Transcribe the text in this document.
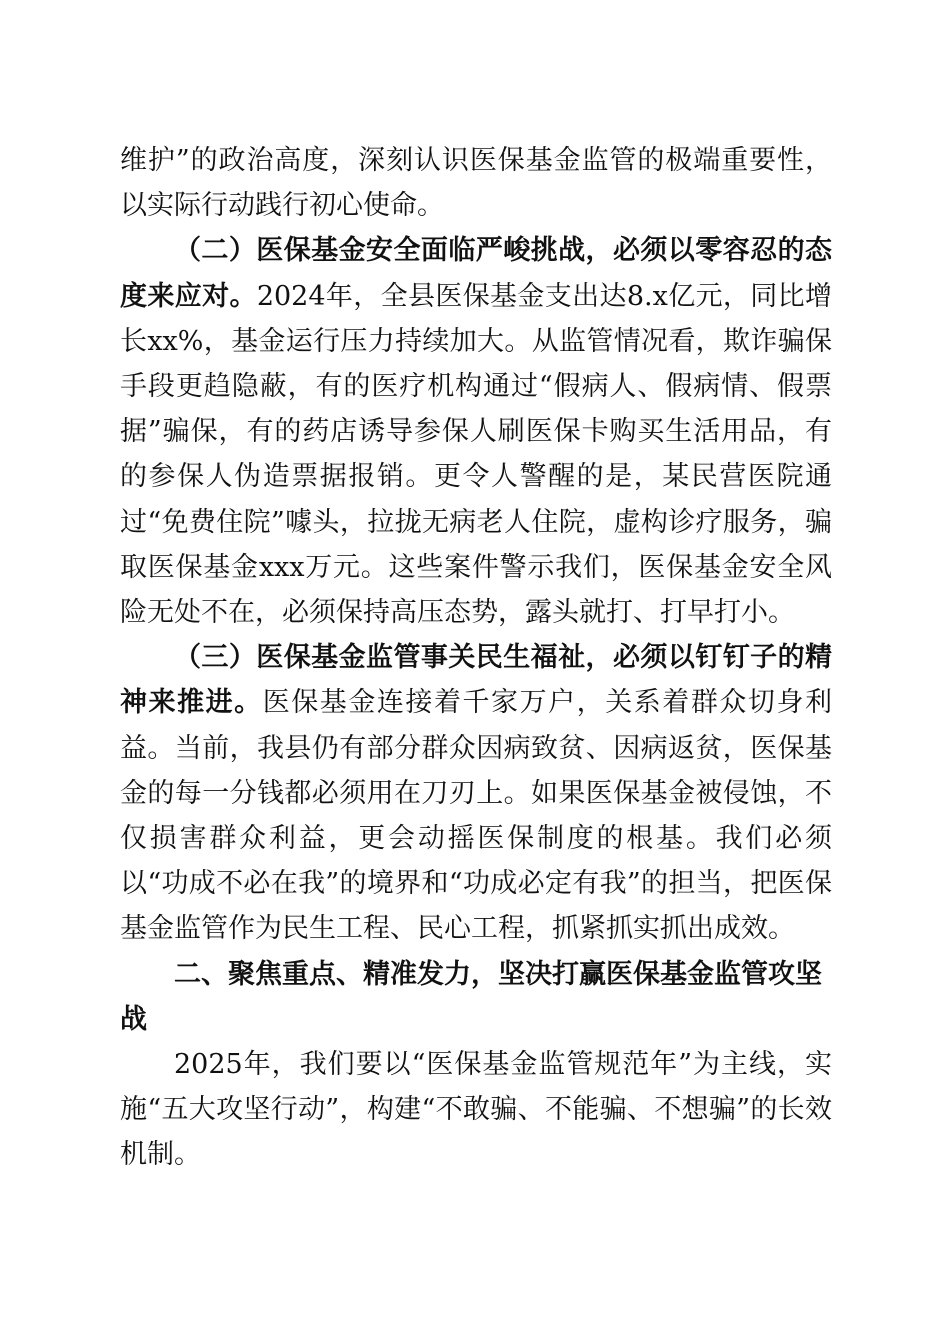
维护”的政治高度，深刻认识医保基金监管的极端重要性，以实际行动践行初心使命。

（二）医保基金安全面临严峻挑战，必须以零容忍的态度来应对。2024年，全县医保基金支出达8.x亿元，同比增长xx%，基金运行压力持续加大。从监管情况看，欺诈骗保手段更趋隐蔽，有的医疗机构通过“假病人、假病情、假票据”骗保，有的药店诱导参保人刷医保卡购买生活用品，有的参保人伪造票据报销。更令人警醒的是，某民营医院通过“免费住院”噱头，拉拢无病老人住院，虚构诊疗服务，骗取医保基金xxx万元。这些案件警示我们，医保基金安全风险无处不在，必须保持高压态势，露头就打、打早打小。

（三）医保基金监管事关民生福祉，必须以钉钉子的精神来推进。医保基金连接着千家万户，关系着群众切身利益。当前，我县仍有部分群众因病致贫、因病返贫，医保基金的每一分钱都必须用在刀刃上。如果医保基金被侵蚀，不仅损害群众利益，更会动摇医保制度的根基。我们必须以“功成不必在我”的境界和“功成必定有我”的担当，把医保基金监管作为民生工程、民心工程，抓紧抓实抓出成效。

二、聚焦重点、精准发力，坚决打赢医保基金监管攻坚战

2025年，我们要以“医保基金监管规范年”为主线，实施“五大攻坚行动”，构建“不敢骗、不能骗、不想骗”的长效机制。
